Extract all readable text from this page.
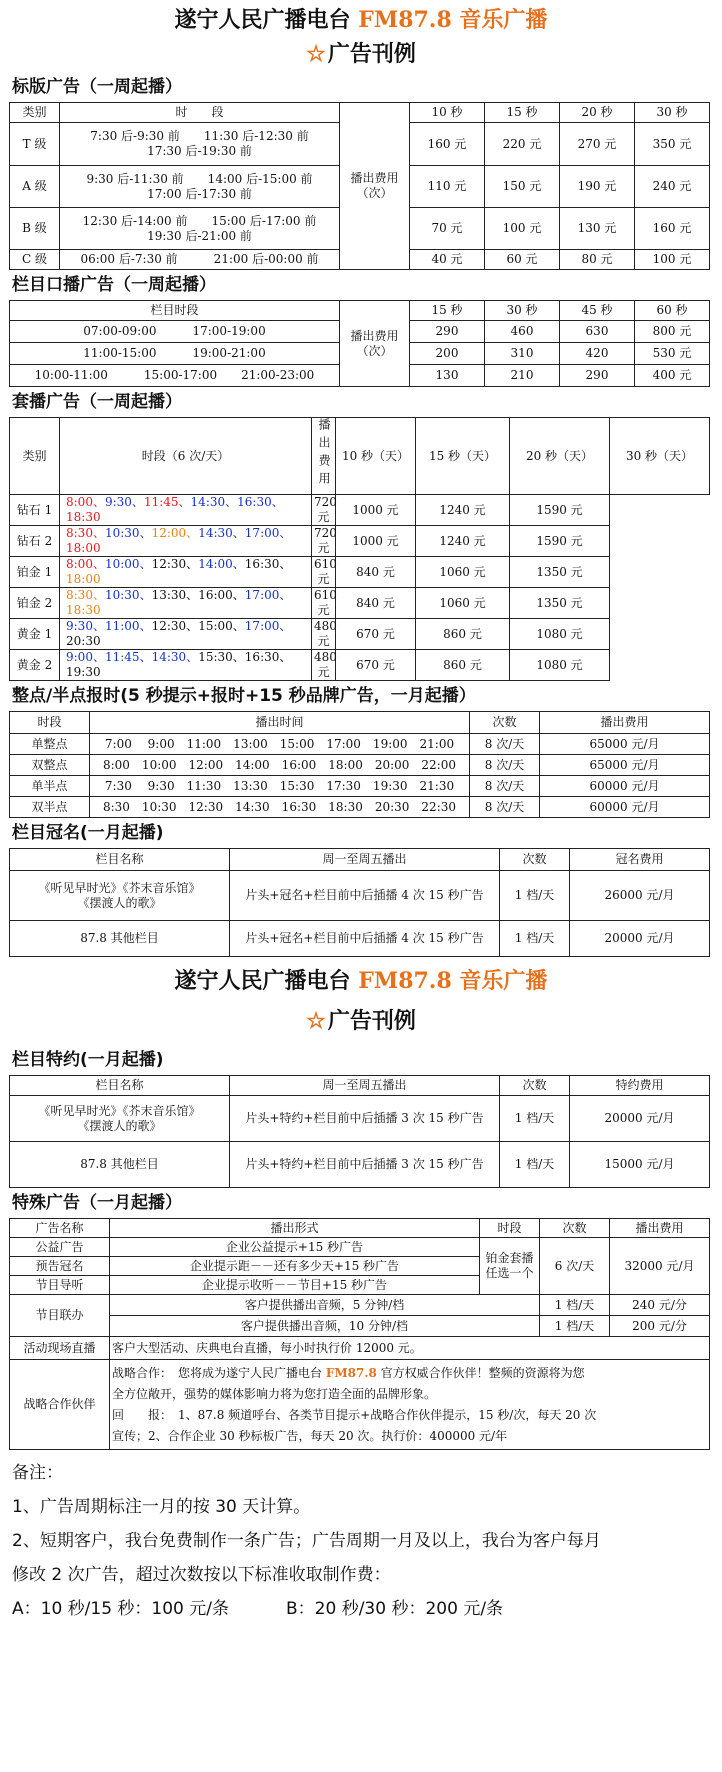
遂宁人民广播电台 FM87.8 音乐广播
☆广告刊例

标版广告（一周起播）

类别	时　　段	播出费用（次）	10 秒	15 秒	20 秒	30 秒
T 级	7:30 后-9:30 前　　11:30 后-12:30 前
17:30 后-19:30 前		160 元	220 元	270 元	350 元
A 级	9:30 后-11:30 前　　14:00 后-15:00 前
17:00 后-17:30 前		110 元	150 元	190 元	240 元
B 级	12:30 后-14:00 前　　15:00 后-17:00 前
19:30 后-21:00 前		70 元	100 元	130 元	160 元
C 级	06:00 后-7:30 前　　　21:00 后-00:00 前		40 元	60 元	80 元	100 元

栏目口播广告（一周起播）

栏目时段	播出费用（次）	15 秒	30 秒	45 秒	60 秒
07:00-09:00　　　17:00-19:00		290	460	630	800 元
11:00-15:00　　　19:00-21:00		200	310	420	530 元
10:00-11:00　　　15:00-17:00　　21:00-23:00		130	210	290	400 元

套播广告（一周起播）

类别	时段（6 次/天）	播出费用	10 秒（天）	15 秒（天）	20 秒（天）	30 秒（天）
钻石 1	8:00、9:30、11:45、14:30、16:30、18:30	720 元	1000 元	1240 元	1590 元	
钻石 2	8:30、10:30、12:00、14:30、17:00、18:00	720 元	1000 元	1240 元	1590 元	
铂金 1	8:00、10:00、12:30、14:00、16:30、18:00	610 元	840 元	1060 元	1350 元	
铂金 2	8:30、10:30、13:30、16:00、17:00、18:30	610 元	840 元	1060 元	1350 元	
黄金 1	9:30、11:00、12:30、15:00、17:00、20:30	480 元	670 元	860 元	1080 元	
黄金 2	9:00、11:45、14:30、15:30、16:30、19:30	480 元	670 元	860 元	1080 元	

整点/半点报时(5 秒提示+报时+15 秒品牌广告，一月起播）

时段	播出时间	次数	播出费用
单整点	7:00　 9:00　11:00　13:00　15:00　17:00　19:00　21:00	8 次/天	65000 元/月
双整点	8:00　10:00　12:00　14:00　16:00　18:00　20:00　22:00	8 次/天	65000 元/月
单半点	7:30　 9:30　11:30　13:30　15:30　17:30　19:30　21:30	8 次/天	60000 元/月
双半点	8:30　10:30　12:30　14:30　16:30　18:30　20:30　22:30	8 次/天	60000 元/月

栏目冠名(一月起播)

栏目名称	周一至周五播出	次数	冠名费用

《听见早时光》《芥末音乐馆》
《摆渡人的歌》	片头+冠名+栏目前中后插播 4 次 15 秒广告	1 档/天	26000 元/月
87.8 其他栏目	片头+冠名+栏目前中后插播 4 次 15 秒广告	1 档/天	20000 元/月
遂宁人民广播电台 FM87.8 音乐广播
☆广告刊例

栏目特约(一月起播)

栏目名称	周一至周五播出	次数	特约费用

《听见早时光》《芥末音乐馆》
《摆渡人的歌》	片头+特约+栏目前中后插播 3 次 15 秒广告	1 档/天	20000 元/月
87.8 其他栏目	片头+特约+栏目前中后插播 3 次 15 秒广告	1 档/天	15000 元/月

特殊广告（一月起播）

广告名称	播出形式	时段	次数	播出费用
公益广告	企业公益提示+15 秒广告	铂金套播任选一个	6 次/天	32000 元/月
预告冠名	企业提示距－－还有多少天+15 秒广告			
节目导听	企业提示收听－－节目+15 秒广告			
节目联办	客户提供播出音频，5 分钟/档		1 档/天	240 元/分
	客户提供播出音频，10 分钟/档		1 档/天	200 元/分
活动现场直播	客户大型活动、庆典电台直播，每小时执行价 12000 元。			
战略合作伙伴	战略合作：　您将成为遂宁人民广播电台 FM87.8 官方权威合作伙伴！整频的资源将为您
全方位敞开，强势的媒体影响力将为您打造全面的品牌形象。
回　　报：　1、87.8 频道呼台、各类节目提示+战略合作伙伴提示，15 秒/次，每天 20 次
宣传；2、合作企业 30 秒标板广告，每天 20 次。执行价：400000 元/年			

备注：

1、广告周期标注一月的按 30 天计算。

2、短期客户，我台免费制作一条广告；广告周期一月及以上，我台为客户每月

修改 2 次广告，超过次数按以下标准收取制作费：

A：10 秒/15 秒：100 元/条	B：20 秒/30 秒：200 元/条
